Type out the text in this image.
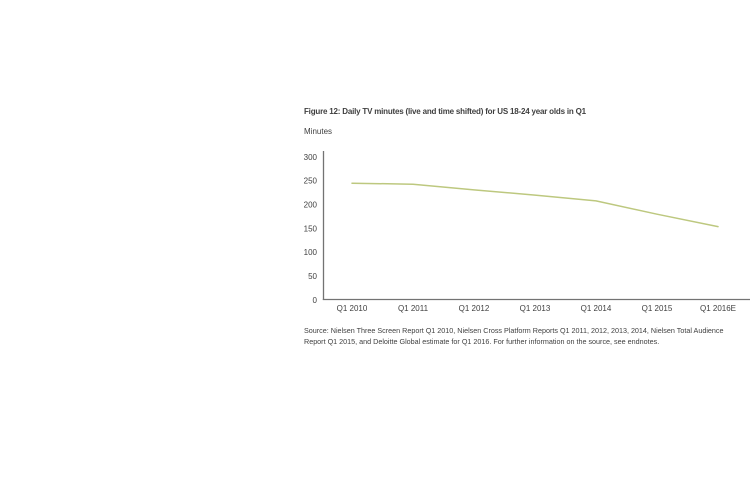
Figure 12: Daily TV minutes (live and time shifted) for US 18-24 year olds in Q1
Minutes
0
50
100
150
200
250
300
Q1 2010	Q1 2011	Q1 2012	Q1 2013	Q1 2014	Q1 2015	Q1 2016E
Source: Nielsen Three Screen Report Q1 2010, Nielsen Cross Platform Reports Q1 2011, 2012, 2013, 2014, Nielsen Total Audience
Report Q1 2015, and Deloitte Global estimate for Q1 2016. For further information on the source, see endnotes.
